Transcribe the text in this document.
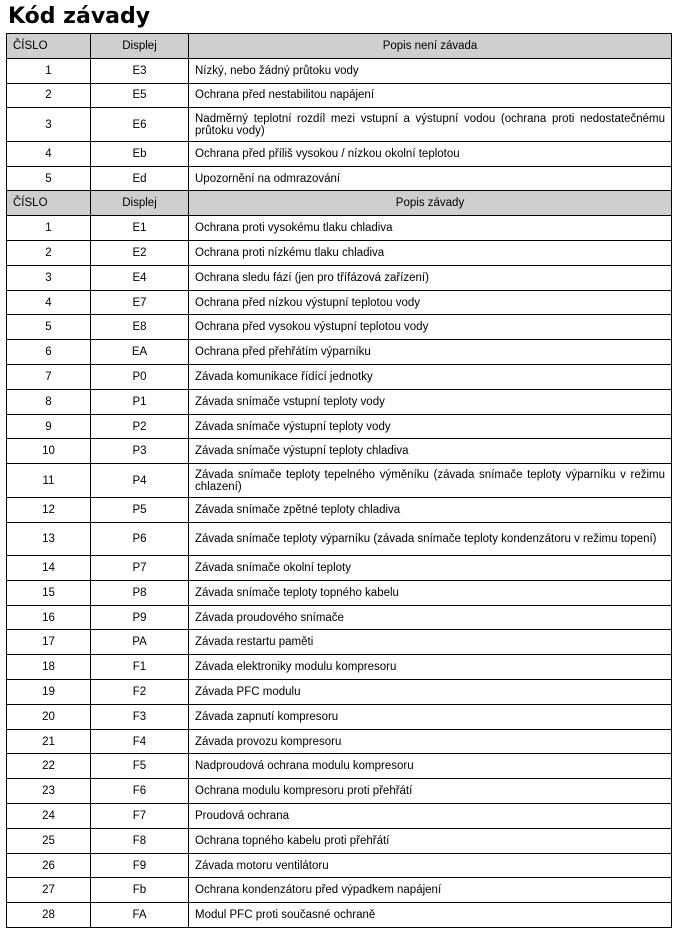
Kód závady
ČÍSLO	Displej	Popis není závada
1	E3	Nízký, nebo žádný průtoku vody
2	E5	Ochrana před nestabilitou napájení
3	E6	Nadměrný teplotní rozdíl mezi vstupní a výstupní vodou (ochrana proti nedostatečnému průtoku vody)
4	Eb	Ochrana před příliš vysokou / nízkou okolní teplotou
5	Ed	Upozornění na odmrazování
ČÍSLO	Displej	Popis závady
1	E1	Ochrana proti vysokému tlaku chladiva
2	E2	Ochrana proti nízkému tlaku chladiva
3	E4	Ochrana sledu fází (jen pro třífázová zařízení)
4	E7	Ochrana před nízkou výstupní teplotou vody
5	E8	Ochrana před vysokou výstupní teplotou vody
6	EA	Ochrana před přehřátím výparníku
7	P0	Závada komunikace řídící jednotky
8	P1	Závada snímače vstupní teploty vody
9	P2	Závada snímače výstupní teploty vody
10	P3	Závada snímače výstupní teploty chladiva
11	P4	Závada snímače teploty tepelného výměníku (závada snímače teploty výparníku v režimu chlazení)
12	P5	Závada snímače zpětné teploty chladiva
13	P6	Závada snímače teploty výparníku (závada snímače teploty kondenzátoru v režimu topení)
14	P7	Závada snímače okolní teploty
15	P8	Závada snímače teploty topného kabelu
16	P9	Závada proudového snímače
17	PA	Závada restartu paměti
18	F1	Závada elektroniky modulu kompresoru
19	F2	Závada PFC modulu
20	F3	Závada zapnutí kompresoru
21	F4	Závada provozu kompresoru
22	F5	Nadproudová ochrana modulu kompresoru
23	F6	Ochrana modulu kompresoru proti přehřátí
24	F7	Proudová ochrana
25	F8	Ochrana topného kabelu proti přehřátí
26	F9	Závada motoru ventilátoru
27	Fb	Ochrana kondenzátoru před výpadkem napájení
28	FA	Modul PFC proti současné ochraně
